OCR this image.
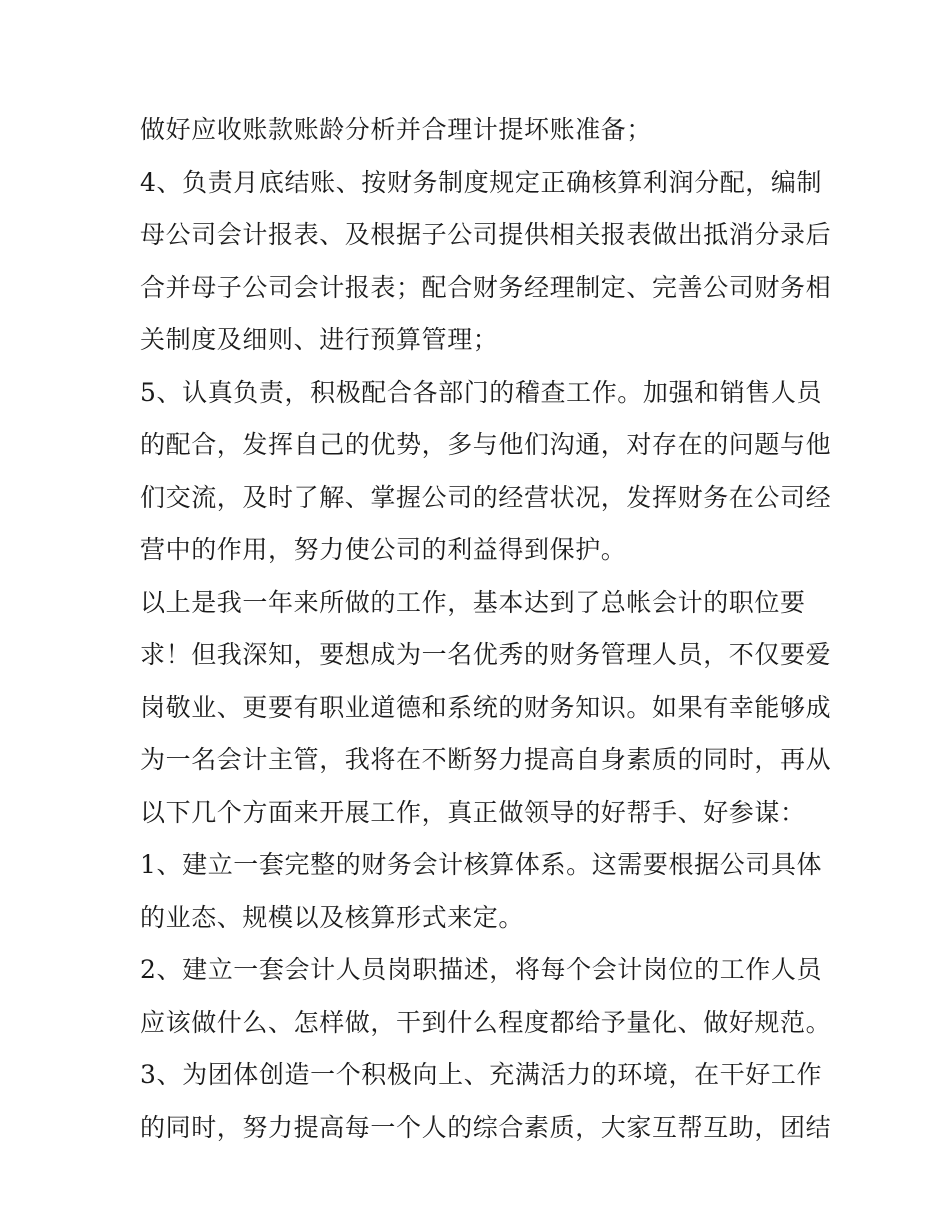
做好应收账款账龄分析并合理计提坏账准备；
4、负责月底结账、按财务制度规定正确核算利润分配，编制
母公司会计报表、及根据子公司提供相关报表做出抵消分录后
合并母子公司会计报表；配合财务经理制定、完善公司财务相
关制度及细则、进行预算管理；
5、认真负责，积极配合各部门的稽查工作。加强和销售人员
的配合，发挥自己的优势，多与他们沟通，对存在的问题与他
们交流，及时了解、掌握公司的经营状况，发挥财务在公司经
营中的作用，努力使公司的利益得到保护。
以上是我一年来所做的工作，基本达到了总帐会计的职位要
求！但我深知，要想成为一名优秀的财务管理人员，不仅要爱
岗敬业、更要有职业道德和系统的财务知识。如果有幸能够成
为一名会计主管，我将在不断努力提高自身素质的同时，再从
以下几个方面来开展工作，真正做领导的好帮手、好参谋：
1、建立一套完整的财务会计核算体系。这需要根据公司具体
的业态、规模以及核算形式来定。
2、建立一套会计人员岗职描述，将每个会计岗位的工作人员
应该做什么、怎样做，干到什么程度都给予量化、做好规范。
3、为团体创造一个积极向上、充满活力的环境，在干好工作
的同时，努力提高每一个人的综合素质，大家互帮互助，团结
